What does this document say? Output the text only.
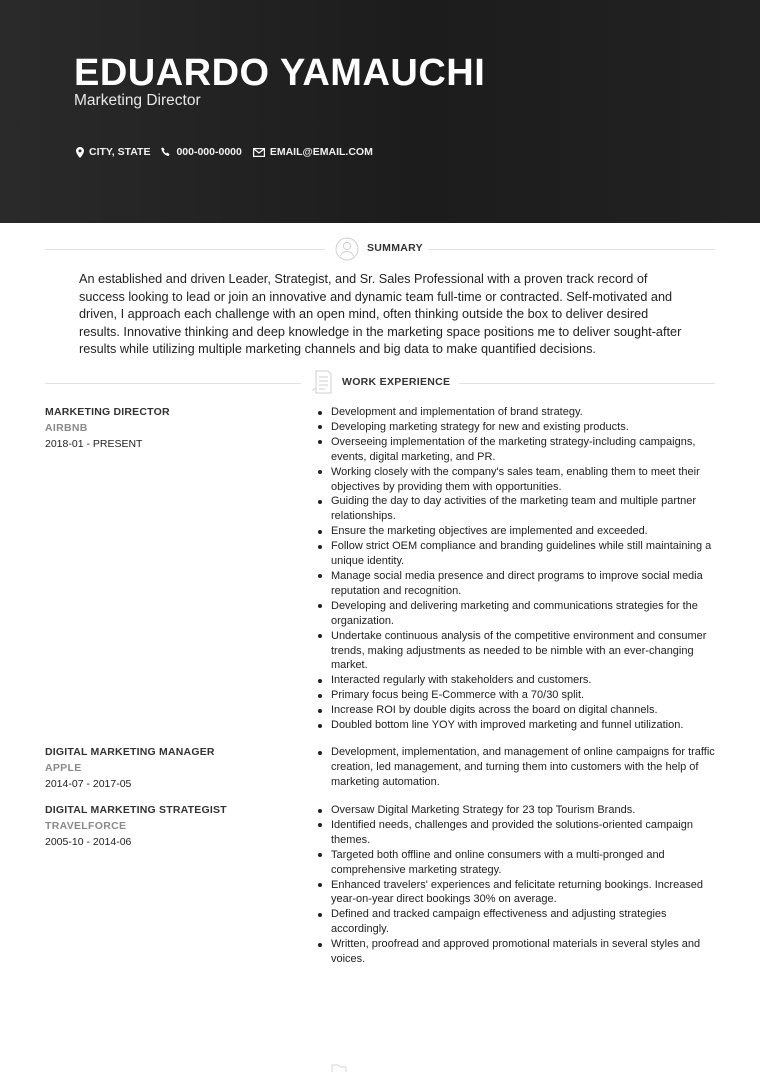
EDUARDO YAMAUCHI
Marketing Director
CITY, STATE 000-000-0000	EMAIL@EMAIL.COM
SUMMARY
An established and driven Leader, Strategist, and Sr. Sales Professional with a proven track record of success looking to lead or join an innovative and dynamic team full-time or contracted. Self-motivated and driven, I approach each challenge with an open mind, often thinking outside the box to deliver desired results. Innovative thinking and deep knowledge in the marketing space positions me to deliver sought-after results while utilizing multiple marketing channels and big data to make quantified decisions.
WORK EXPERIENCE
MARKETING DIRECTOR
AIRBNB
2018-01 - PRESENT
Development and implementation of brand strategy.
Developing marketing strategy for new and existing products.
Overseeing implementation of the marketing strategy-including campaigns, events, digital marketing, and PR.
Working closely with the company's sales team, enabling them to meet their objectives by providing them with opportunities.
Guiding the day to day activities of the marketing team and multiple partner relationships.
Ensure the marketing objectives are implemented and exceeded.
Follow strict OEM compliance and branding guidelines while still maintaining a unique identity.
Manage social media presence and direct programs to improve social media reputation and recognition.
Developing and delivering marketing and communications strategies for the organization.
Undertake continuous analysis of the competitive environment and consumer trends, making adjustments as needed to be nimble with an ever-changing market.
Interacted regularly with stakeholders and customers.
Primary focus being E-Commerce with a 70/30 split.
Increase ROI by double digits across the board on digital channels.
Doubled bottom line YOY with improved marketing and funnel utilization.
DIGITAL MARKETING MANAGER
APPLE
2014-07 - 2017-05
Development, implementation, and management of online campaigns for traffic creation, led management, and turning them into customers with the help of marketing automation.
DIGITAL MARKETING STRATEGIST
TRAVELFORCE
2005-10 - 2014-06
Oversaw Digital Marketing Strategy for 23 top Tourism Brands.
Identified needs, challenges and provided the solutions-oriented campaign themes.
Targeted both offline and online consumers with a multi-pronged and comprehensive marketing strategy.
Enhanced travelers' experiences and felicitate returning bookings. Increased year-on-year direct bookings 30% on average.
Defined and tracked campaign effectiveness and adjusting strategies accordingly.
Written, proofread and approved promotional materials in several styles and voices.
